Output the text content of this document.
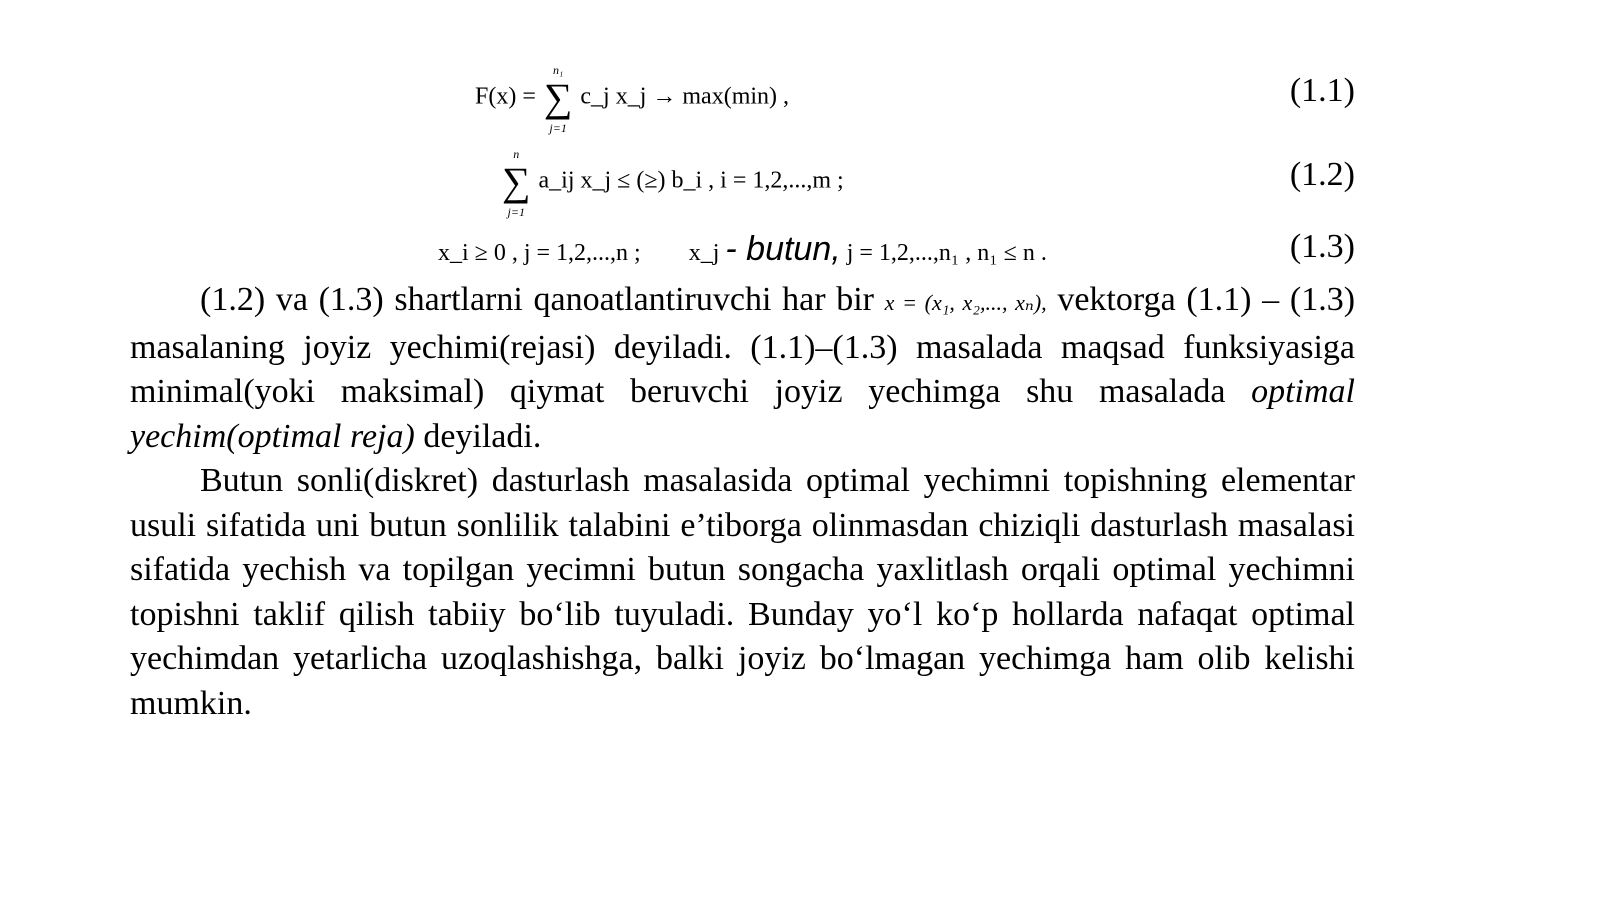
F(x) =
n₁
∑
j=1
c_j x_j → max(min) ,	(1.1)
n
∑
j=1
a_ij x_j ≤ (≥) b_i , i = 1,2,...,m ;	(1.2)
x_i ≥ 0 , j = 1,2,...,n ; x_j - butun, j = 1,2,...,n₁ , n₁ ≤ n .	(1.3)

(1.2) va (1.3) shartlarni qanoatlantiruvchi har bir x = (x₁, x₂,..., xₙ), vektorga (1.1) – (1.3) masalaning joyiz yechimi(rejasi) deyiladi. (1.1)–(1.3) masalada maqsad funksiyasiga minimal(yoki maksimal) qiymat beruvchi joyiz yechimga shu masalada optimal yechim(optimal reja) deyiladi.

Butun sonli(diskret) dasturlash masalasida optimal yechimni topishning elementar usuli sifatida uni butun sonlilik talabini e’tiborga olinmasdan chiziqli dasturlash masalasi sifatida yechish va topilgan yecimni butun songacha yaxlitlash orqali optimal yechimni topishni taklif qilish tabiiy bo‘lib tuyuladi. Bunday yo‘l ko‘p hollarda nafaqat optimal yechimdan yetarlicha uzoqlashishga, balki joyiz bo‘lmagan yechimga ham olib kelishi mumkin.
